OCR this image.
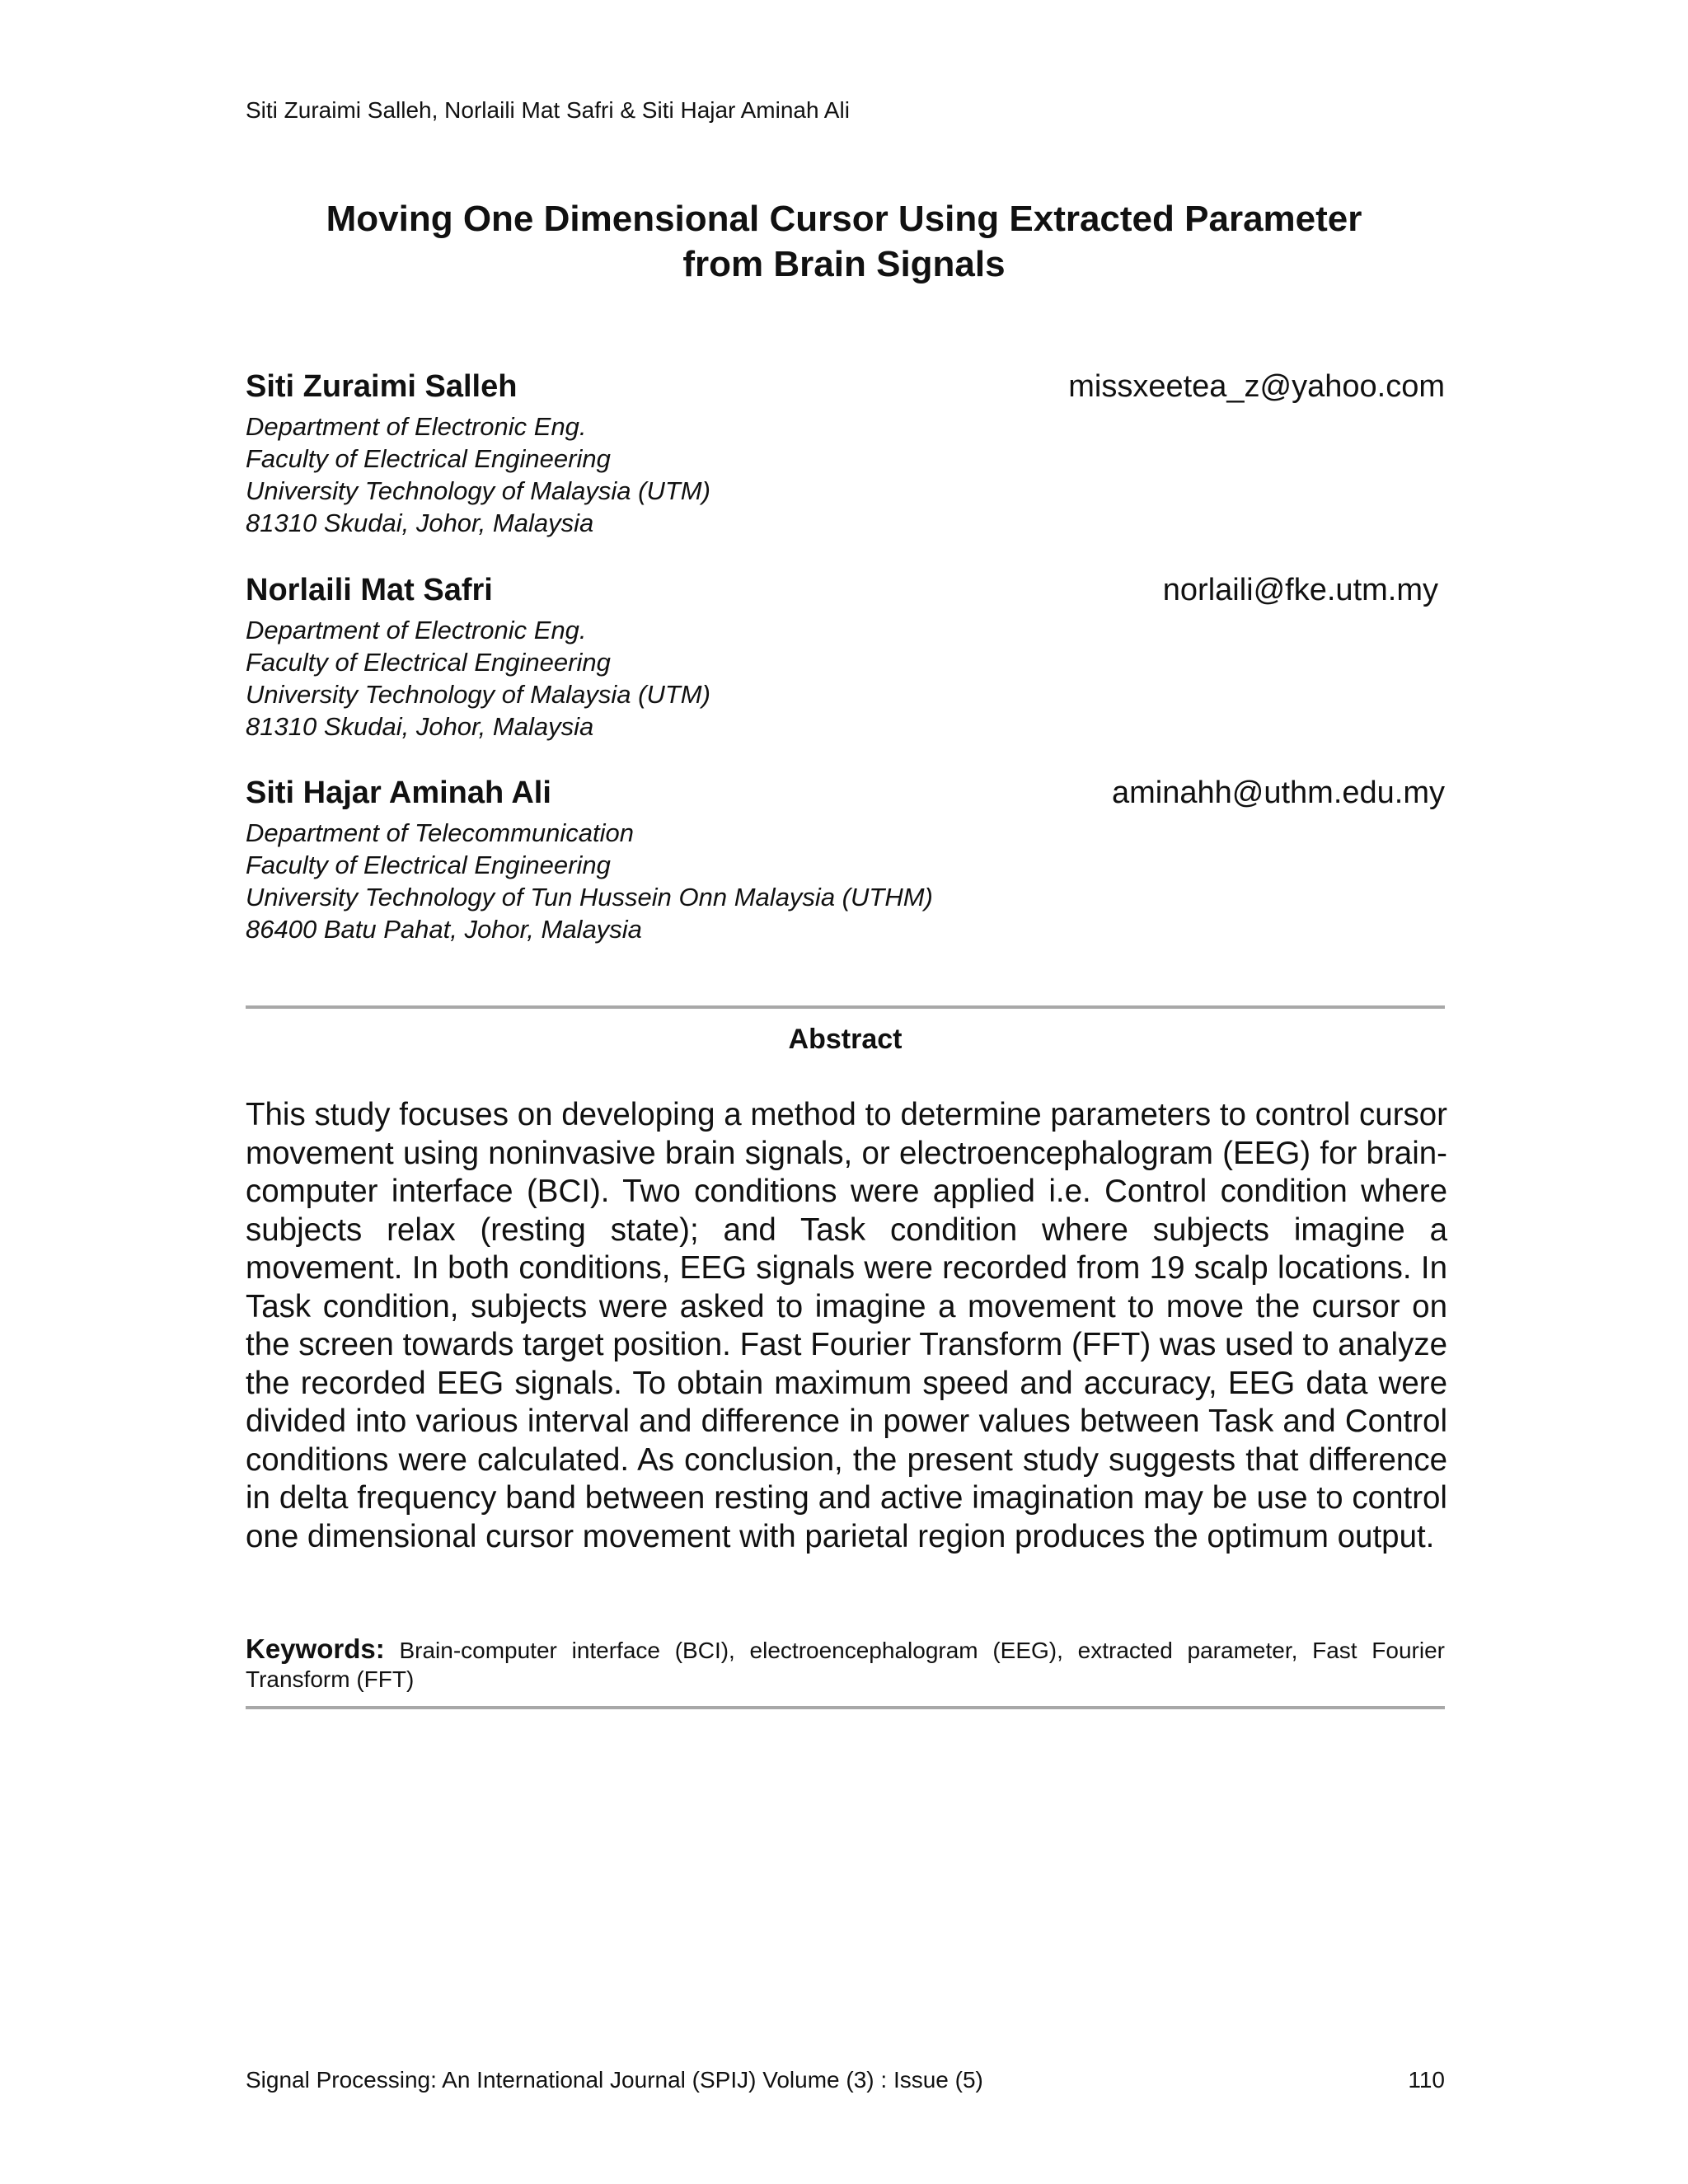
Siti Zuraimi Salleh, Norlaili Mat Safri & Siti Hajar Aminah Ali
Moving One Dimensional Cursor Using Extracted Parameter
from Brain Signals
Siti Zuraimi Salleh	missxeetea_z@yahoo.com
Department of Electronic Eng.
Faculty of Electrical Engineering
University Technology of Malaysia (UTM)
81310 Skudai, Johor, Malaysia
Norlaili Mat Safri	norlaili@fke.utm.my
Department of Electronic Eng.
Faculty of Electrical Engineering
University Technology of Malaysia (UTM)
81310 Skudai, Johor, Malaysia
Siti Hajar Aminah Ali	aminahh@uthm.edu.my
Department of Telecommunication
Faculty of Electrical Engineering
University Technology of Tun Hussein Onn Malaysia (UTHM)
86400 Batu Pahat, Johor, Malaysia
Abstract
This study focuses on developing a method to determine parameters to control cursor movement using noninvasive brain signals, or electroencephalogram (EEG) for brain-computer interface (BCI). Two conditions were applied i.e. Control condition where subjects relax (resting state); and Task condition where subjects imagine a movement. In both conditions, EEG signals were recorded from 19 scalp locations. In Task condition, subjects were asked to imagine a movement to move the cursor on the screen towards target position. Fast Fourier Transform (FFT) was used to analyze the recorded EEG signals. To obtain maximum speed and accuracy, EEG data were divided into various interval and difference in power values between Task and Control conditions were calculated. As conclusion, the present study suggests that difference in delta frequency band between resting and active imagination may be use to control one dimensional cursor movement with parietal region produces the optimum output.
Keywords: Brain-computer interface (BCI), electroencephalogram (EEG), extracted parameter, Fast Fourier Transform (FFT)
Signal Processing: An International Journal (SPIJ) Volume (3) : Issue (5)	110
